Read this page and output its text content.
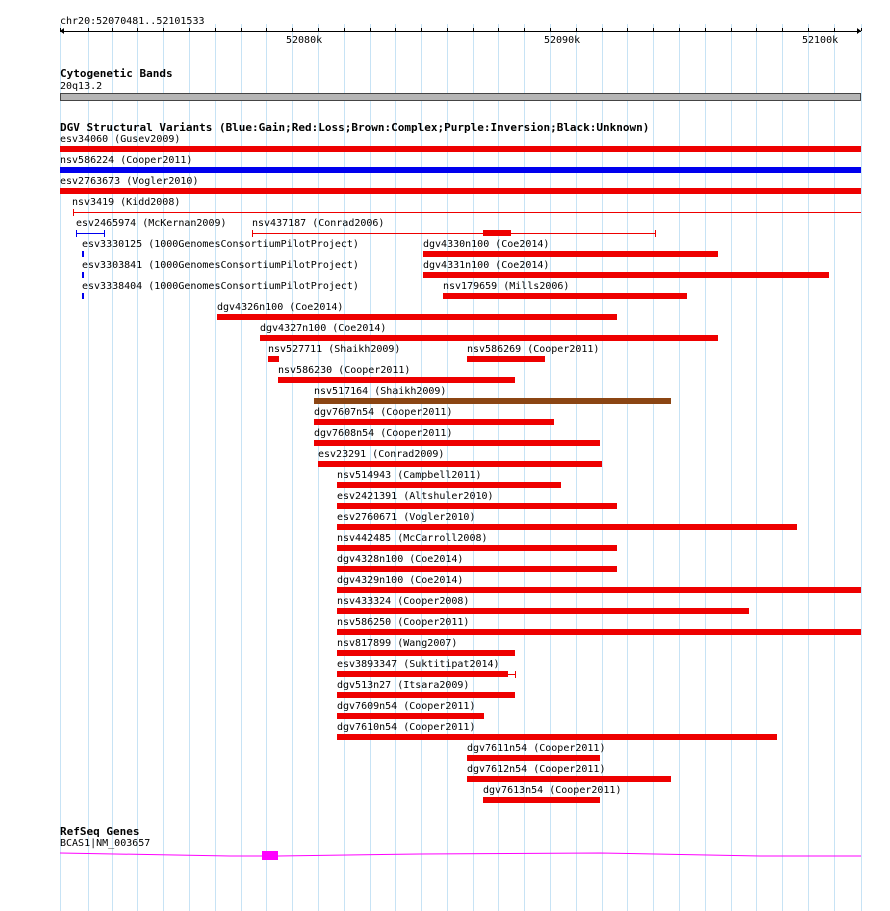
chr20:52070481..52101533
52080k	52090k	52100k
Cytogenetic Bands
20q13.2
DGV Structural Variants (Blue:Gain;Red:Loss;Brown:Complex;Purple:Inversion;Black:Unknown)
esv34060 (Gusev2009)
nsv586224 (Cooper2011)
esv2763673 (Vogler2010)
nsv3419 (Kidd2008)
esv2465974 (McKernan2009)	nsv437187 (Conrad2006)
esv3330125 (1000GenomesConsortiumPilotProject)	dgv4330n100 (Coe2014)
esv3303841 (1000GenomesConsortiumPilotProject)	dgv4331n100 (Coe2014)
esv3338404 (1000GenomesConsortiumPilotProject)	nsv179659 (Mills2006)
dgv4326n100 (Coe2014)
dgv4327n100 (Coe2014)
nsv527711 (Shaikh2009)	nsv586269 (Cooper2011)
nsv586230 (Cooper2011)
nsv517164 (Shaikh2009)
dgv7607n54 (Cooper2011)
dgv7608n54 (Cooper2011)
esv23291 (Conrad2009)
nsv514943 (Campbell2011)
esv2421391 (Altshuler2010)
esv2760671 (Vogler2010)
nsv442485 (McCarroll2008)
dgv4328n100 (Coe2014)
dgv4329n100 (Coe2014)
nsv433324 (Cooper2008)
nsv586250 (Cooper2011)
nsv817899 (Wang2007)
esv3893347 (Suktitipat2014)
dgv513n27 (Itsara2009)
dgv7609n54 (Cooper2011)
dgv7610n54 (Cooper2011)
dgv7611n54 (Cooper2011)
dgv7612n54 (Cooper2011)
dgv7613n54 (Cooper2011)
RefSeq Genes
BCAS1|NM_003657
